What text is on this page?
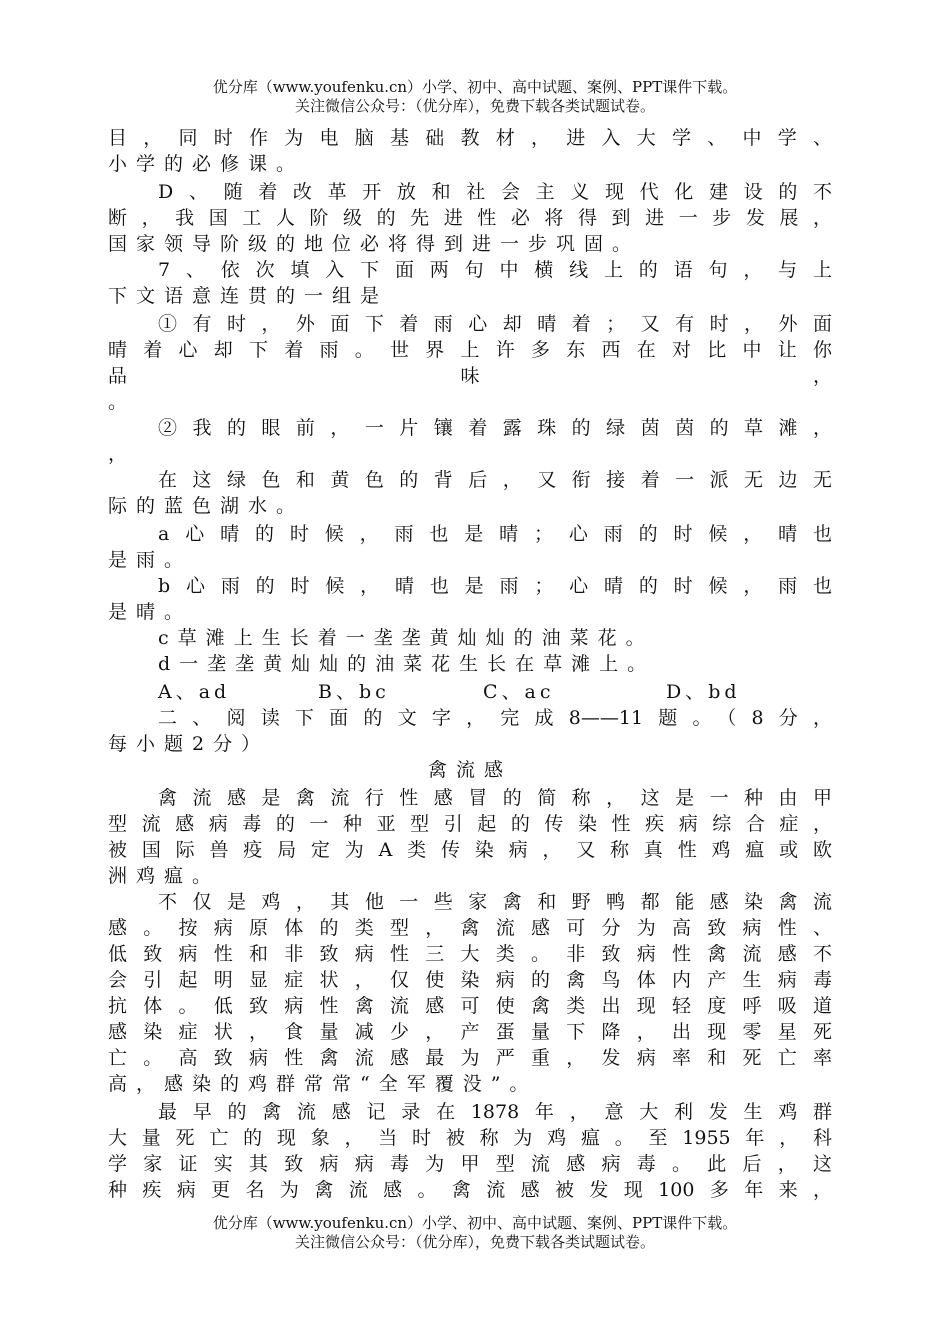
优分库（www.youfenku.cn）小学、初中、高中试题、案例、PPT课件下载。
关注微信公众号：（优分库），免费下载各类试题试卷。
目，同时作为电脑基础教材，进入大学、中学、
小学的必修课。
D、随着改革开放和社会主义现代化建设的不
断，我国工人阶级的先进性必将得到进一步发展，
国家领导阶级的地位必将得到进一步巩固。
7、依次填入下面两句中横线上的语句，与上
下文语意连贯的一组是
①有时，外面下着雨心却晴着；又有时，外面
晴着心却下着雨。世界上许多东西在对比中让你
品	味	，
。
②我的眼前，一片镶着露珠的绿茵茵的草滩，
，
在这绿色和黄色的背后，又衔接着一派无边无
际的蓝色湖水。
a心晴的时候，雨也是晴；心雨的时候，晴也
是雨。
b心雨的时候，晴也是雨；心晴的时候，雨也
是晴。
c草滩上生长着一垄垄黄灿灿的油菜花。
d一垄垄黄灿灿的油菜花生长在草滩上。
A、ad	B、bc	C、ac	D、bd
二、阅读下面的文字，完成8——11题。（8分，
每小题2分）
禽流感
禽流感是禽流行性感冒的简称，这是一种由甲
型流感病毒的一种亚型引起的传染性疾病综合症，
被国际兽疫局定为A类传染病，又称真性鸡瘟或欧
洲鸡瘟。
不仅是鸡，其他一些家禽和野鸭都能感染禽流
感。按病原体的类型，禽流感可分为高致病性、
低致病性和非致病性三大类。非致病性禽流感不
会引起明显症状，仅使染病的禽鸟体内产生病毒
抗体。低致病性禽流感可使禽类出现轻度呼吸道
感染症状，食量减少，产蛋量下降，出现零星死
亡。高致病性禽流感最为严重，发病率和死亡率
高，感染的鸡群常常“全军覆没”。
最早的禽流感记录在1878年，意大利发生鸡群
大量死亡的现象，当时被称为鸡瘟。至1955年，科
学家证实其致病病毒为甲型流感病毒。此后，这
种疾病更名为禽流感。禽流感被发现100多年来，
优分库（www.youfenku.cn）小学、初中、高中试题、案例、PPT课件下载。
关注微信公众号：（优分库），免费下载各类试题试卷。
